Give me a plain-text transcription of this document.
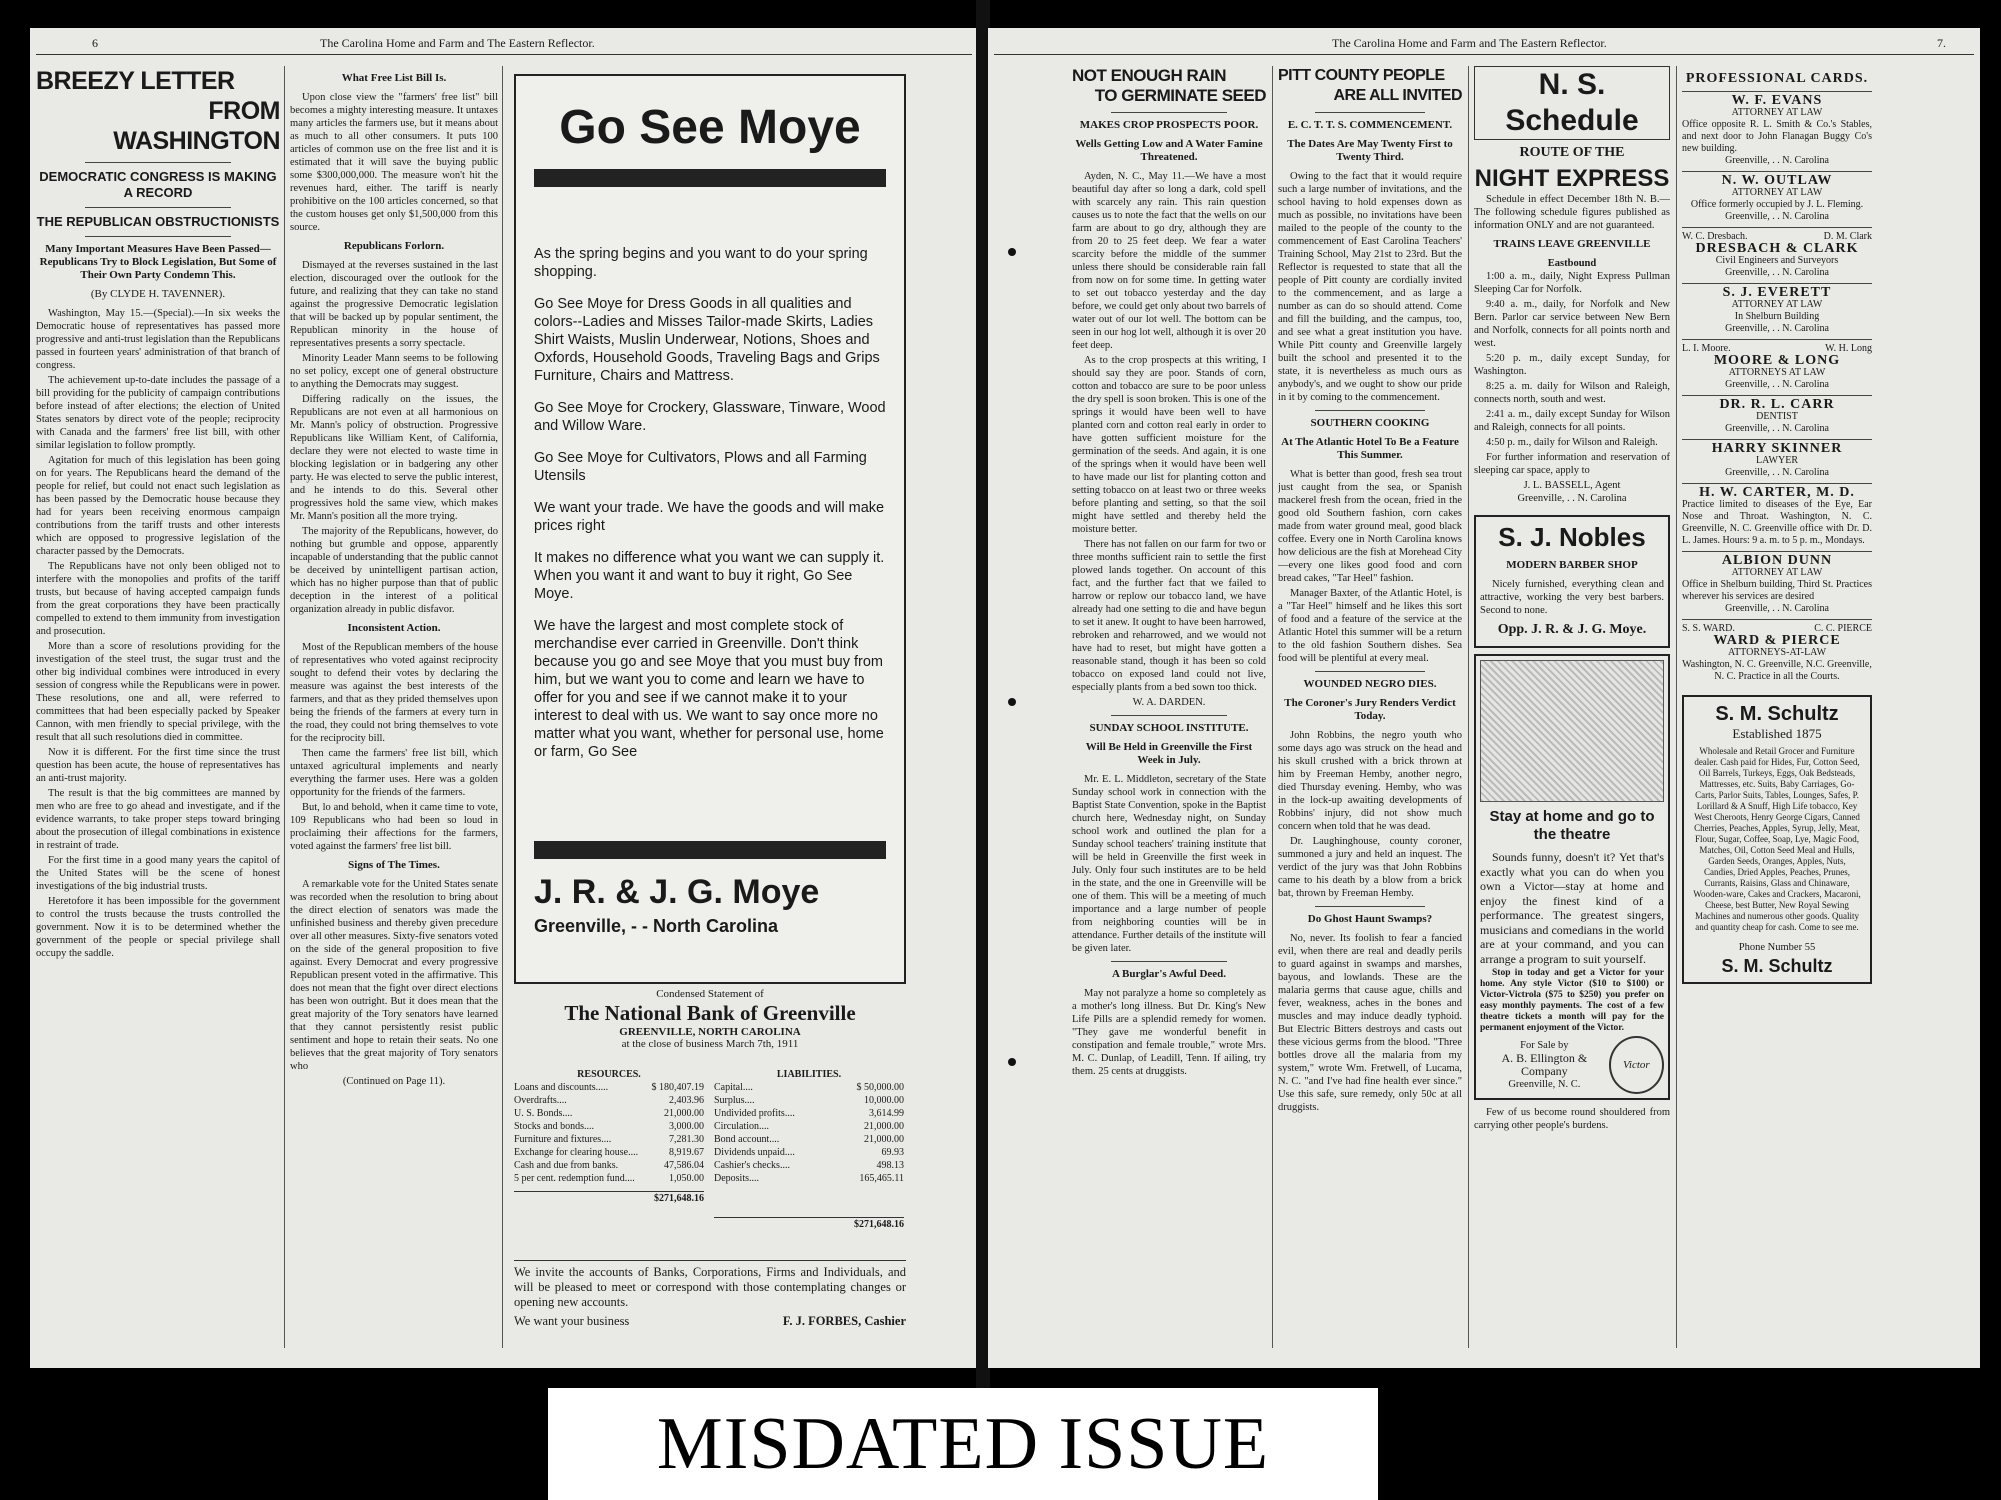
6	The Carolina Home and Farm and The Eastern Reflector.
BREEZY LETTER
FROM WASHINGTON
DEMOCRATIC CONGRESS IS MAKING A RECORD
THE REPUBLICAN OBSTRUCTIONISTS
Many Important Measures Have Been Passed—Republicans Try to Block Legislation, But Some of Their Own Party Condemn This.
(By CLYDE H. TAVENNER).

Washington, May 15.—(Special).—In six weeks the Democratic house of representatives has passed more progressive and anti-trust legislation than the Republicans passed in fourteen years' administration of that branch of congress.

The achievement up-to-date includes the passage of a bill providing for the publicity of campaign contributions before instead of after elections; the election of United States senators by direct vote of the people; reciprocity with Canada and the farmers' free list bill, with other similar legislation to follow promptly.

Agitation for much of this legislation has been going on for years. The Republicans heard the demand of the people for relief, but could not enact such legislation as has been passed by the Democratic house because they had for years been receiving enormous campaign contributions from the tariff trusts and other interests which are opposed to progressive legislation of the character passed by the Democrats.

The Republicans have not only been obliged not to interfere with the monopolies and profits of the tariff trusts, but because of having accepted campaign funds from the great corporations they have been practically compelled to extend to them immunity from investigation and prosecution.

More than a score of resolutions providing for the investigation of the steel trust, the sugar trust and the other big individual combines were introduced in every session of congress while the Republicans were in power. These resolutions, one and all, were referred to committees that had been especially packed by Speaker Cannon, with men friendly to special privilege, with the result that all such resolutions died in committee.

Now it is different. For the first time since the trust question has been acute, the house of representatives has an anti-trust majority.

The result is that the big committees are manned by men who are free to go ahead and investigate, and if the evidence warrants, to take proper steps toward bringing about the prosecution of illegal combinations in existence in restraint of trade.

For the first time in a good many years the capitol of the United States will be the scene of honest investigations of the big industrial trusts.

Heretofore it has been impossible for the government to control the trusts because the trusts controlled the government. Now it is to be determined whether the government of the people or special privilege shall occupy the saddle.

What Free List Bill Is.

Upon close view the "farmers' free list" bill becomes a mighty interesting measure. It untaxes many articles the farmers use, but it means about as much to all other consumers. It puts 100 articles of common use on the free list and it is estimated that it will save the buying public some $300,000,000. The measure won't hit the revenues hard, either. The tariff is nearly prohibitive on the 100 articles concerned, so that the custom houses get only $1,500,000 from this source.

Republicans Forlorn.

Dismayed at the reverses sustained in the last election, discouraged over the outlook for the future, and realizing that they can take no stand against the progressive Democratic legislation that will be backed up by popular sentiment, the Republican minority in the house of representatives presents a sorry spectacle.

Minority Leader Mann seems to be following no set policy, except one of general obstructure to anything the Democrats may suggest.

Differing radically on the issues, the Republicans are not even at all harmonious on Mr. Mann's policy of obstruction. Progressive Republicans like William Kent, of California, declare they were not elected to waste time in blocking legislation or in badgering any other party. He was elected to serve the public interest, and he intends to do this. Several other progressives hold the same view, which makes Mr. Mann's position all the more trying.

The majority of the Republicans, however, do nothing but grumble and oppose, apparently incapable of understanding that the public cannot be deceived by unintelligent partisan action, which has no higher purpose than that of public deception in the interest of a political organization already in public disfavor.

Inconsistent Action.

Most of the Republican members of the house of representatives who voted against reciprocity sought to defend their votes by declaring the measure was against the best interests of the farmers, and that as they prided themselves upon being the friends of the farmers at every turn in the road, they could not bring themselves to vote for the reciprocity bill.

Then came the farmers' free list bill, which untaxed agricultural implements and nearly everything the farmer uses. Here was a golden opportunity for the friends of the farmers.

But, lo and behold, when it came time to vote, 109 Republicans who had been so loud in proclaiming their affections for the farmers, voted against the farmers' free list bill.

Signs of The Times.

A remarkable vote for the United States senate was recorded when the resolution to bring about the direct election of senators was made the unfinished business and thereby given precedure over all other measures. Sixty-five senators voted on the side of the general proposition to five against. Every Democrat and every progressive Republican present voted in the affirmative. This does not mean that the fight over direct elections has been won outright. But it does mean that the great majority of the Tory senators have learned that they cannot persistently resist public sentiment and hope to retain their seats. No one believes that the great majority of Tory senators who

(Continued on Page 11).
Go See Moye
As the spring begins and you want to do your spring shopping.
Go See Moye for Dress Goods in all qualities and colors--Ladies and Misses Tailor-made Skirts, Ladies Shirt Waists, Muslin Underwear, Notions, Shoes and Oxfords, Household Goods, Traveling Bags and Grips Furniture, Chairs and Mattress.
Go See Moye for Crockery, Glassware, Tinware, Wood and Willow Ware.
Go See Moye for Cultivators, Plows and all Farming Utensils
We want your trade. We have the goods and will make prices right
It makes no difference what you want we can supply it. When you want it and want to buy it right, Go See Moye.
We have the largest and most complete stock of merchandise ever carried in Greenville. Don't think because you go and see Moye that you must buy from him, but we want you to come and learn we have to offer for you and see if we cannot make it to your interest to deal with us. We want to say once more no matter what you want, whether for personal use, home or farm, Go See
J. R. & J. G. Moye
Greenville, - - North Carolina
Condensed Statement of
The National Bank of Greenville
GREENVILLE, NORTH CAROLINA
at the close of business March 7th, 1911
RESOURCES.
Loans and discounts.....	$ 180,407.19
Overdrafts....	2,403.96
U. S. Bonds....	21,000.00
Stocks and bonds....	3,000.00
Furniture and fixtures....	7,281.30
Exchange for clearing house....	8,919.67
Cash and due from banks.	47,586.04
5 per cent. redemption fund....	1,050.00
$271,648.16
LIABILITIES.
Capital....	$ 50,000.00
Surplus....	10,000.00
Undivided profits....	3,614.99
Circulation....	21,000.00
Bond account....	21,000.00
Dividends unpaid....	69.93
Cashier's checks....	498.13
Deposits....	165,465.11
$271,648.16
We invite the accounts of Banks, Corporations, Firms and Individuals, and will be pleased to meet or correspond with those contemplating changes or opening new accounts.
We want your business	F. J. FORBES, Cashier
The Carolina Home and Farm and The Eastern Reflector.	7.
NOT ENOUGH RAIN
TO GERMINATE SEED
MAKES CROP PROSPECTS POOR.
Wells Getting Low and A Water Famine Threatened.

Ayden, N. C., May 11.—We have a most beautiful day after so long a dark, cold spell with scarcely any rain. This rain question causes us to note the fact that the wells on our farm are about to go dry, although they are from 20 to 25 feet deep. We fear a water scarcity before the middle of the summer unless there should be considerable rain fall from now on for some time. In getting water to set out tobacco yesterday and the day before, we could get only about two barrels of water out of our lot well. The bottom can be seen in our hog lot well, although it is over 20 feet deep.

As to the crop prospects at this writing, I should say they are poor. Stands of corn, cotton and tobacco are sure to be poor unless the dry spell is soon broken. This is one of the springs it would have been well to have planted corn and cotton real early in order to have gotten sufficient moisture for the germination of the seeds. And again, it is one of the springs when it would have been well to have made our list for planting cotton and setting tobacco on at least two or three weeks before planting and setting, so that the soil might have settled and thereby held the moisture better.

There has not fallen on our farm for two or three months sufficient rain to settle the first plowed lands together. On account of this fact, and the further fact that we failed to harrow or replow our tobacco land, we have already had one setting to die and have begun to set it anew. It ought to have been harrowed, rebroken and reharrowed, and we would not have had to reset, but might have gotten a reasonable stand, though it has been so cold tobacco on exposed land could not live, especially plants from a bed sown too thick.

W. A. DARDEN.
SUNDAY SCHOOL INSTITUTE.
Will Be Held in Greenville the First Week in July.

Mr. E. L. Middleton, secretary of the State Sunday school work in connection with the Baptist State Convention, spoke in the Baptist church here, Wednesday night, on Sunday school work and outlined the plan for a Sunday school teachers' training institute that will be held in Greenville the first week in July. Only four such institutes are to be held in the state, and the one in Greenville will be one of them. This will be a meeting of much importance and a large number of people from neighboring counties will be in attendance. Further details of the institute will be given later.

A Burglar's Awful Deed.

May not paralyze a home so completely as a mother's long illness. But Dr. King's New Life Pills are a splendid remedy for women. "They gave me wonderful benefit in constipation and female trouble," wrote Mrs. M. C. Dunlap, of Leadill, Tenn. If ailing, try them. 25 cents at druggists.

PITT COUNTY PEOPLE
ARE ALL INVITED
E. C. T. T. S. COMMENCEMENT.
The Dates Are May Twenty First to Twenty Third.

Owing to the fact that it would require such a large number of invitations, and the school having to hold expenses down as much as possible, no invitations have been mailed to the people of the county to the commencement of East Carolina Teachers' Training School, May 21st to 23rd. But the Reflector is requested to state that all the people of Pitt county are cordially invited to the commencement, and as large a number as can do so should attend. Come and fill the building, and the campus, too, and see what a great institution you have. While Pitt county and Greenville largely built the school and presented it to the state, it is nevertheless as much ours as anybody's, and we ought to show our pride in it by coming to the commencement.

SOUTHERN COOKING
At The Atlantic Hotel To Be a Feature This Summer.

What is better than good, fresh sea trout just caught from the sea, or Spanish mackerel fresh from the ocean, fried in the good old Southern fashion, corn cakes made from water ground meal, good black coffee. Every one in North Carolina knows how delicious are the fish at Morehead City—every one likes good food and corn bread cakes, "Tar Heel" fashion.

Manager Baxter, of the Atlantic Hotel, is a "Tar Heel" himself and he likes this sort of food and a feature of the service at the Atlantic Hotel this summer will be a return to the old fashion Southern dishes. Sea food will be plentiful at every meal.

WOUNDED NEGRO DIES.
The Coroner's Jury Renders Verdict Today.

John Robbins, the negro youth who some days ago was struck on the head and his skull crushed with a brick thrown at him by Freeman Hemby, another negro, died Thursday evening. Hemby, who was in the lock-up awaiting developments of Robbins' injury, did not show much concern when told that he was dead.

Dr. Laughinghouse, county coroner, summoned a jury and held an inquest. The verdict of the jury was that John Robbins came to his death by a blow from a brick bat, thrown by Freeman Hemby.

Do Ghost Haunt Swamps?

No, never. Its foolish to fear a fancied evil, when there are real and deadly perils to guard against in swamps and marshes, bayous, and lowlands. These are the malaria germs that cause ague, chills and fever, weakness, aches in the bones and muscles and may induce deadly typhoid. But Electric Bitters destroys and casts out these vicious germs from the blood. "Three bottles drove all the malaria from my system," wrote Wm. Fretwell, of Lucama, N. C. "and I've had fine health ever since." Use this safe, sure remedy, only 50c at all druggists.

N. S. Schedule
ROUTE OF THE
NIGHT EXPRESS

Schedule in effect December 18th N. B.—The following schedule figures published as information ONLY and are not guaranteed.

TRAINS LEAVE GREENVILLE
Eastbound

1:00 a. m., daily, Night Express Pullman Sleeping Car for Norfolk.

9:40 a. m., daily, for Norfolk and New Bern. Parlor car service between New Bern and Norfolk, connects for all points north and west.

5:20 p. m., daily except Sunday, for Washington.

8:25 a. m. daily for Wilson and Raleigh, connects north, south and west.

2:41 a. m., daily except Sunday for Wilson and Raleigh, connects for all points.

4:50 p. m., daily for Wilson and Raleigh.

For further information and reservation of sleeping car space, apply to

J. L. BASSELL, Agent
Greenville, . . N. Carolina
S. J. Nobles
MODERN BARBER SHOP

Nicely furnished, everything clean and attractive, working the very best barbers. Second to none.

Opp. J. R. & J. G. Moye.
Stay at home and go to the theatre

Sounds funny, doesn't it? Yet that's exactly what you can do when you own a Victor—stay at home and enjoy the finest kind of a performance. The greatest singers, musicians and comedians in the world are at your command, and you can arrange a program to suit yourself.

Stop in today and get a Victor for your home. Any style Victor ($10 to $100) or Victor-Victrola ($75 to $250) you prefer on easy monthly payments. The cost of a few theatre tickets a month will pay for the permanent enjoyment of the Victor.

For Sale by
A. B. Ellington & Company
Greenville, N. C.
Victor

Few of us become round shouldered from carrying other people's burdens.

PROFESSIONAL CARDS.
W. F. EVANS
ATTORNEY AT LAW
Office opposite R. L. Smith & Co.'s Stables, and next door to John Flanagan Buggy Co's new building.
Greenville, . . N. Carolina
N. W. OUTLAW
ATTORNEY AT LAW
Office formerly occupied by J. L. Fleming.
Greenville, . . N. Carolina
W. C. Dresbach.	D. M. Clark
DRESBACH & CLARK
Civil Engineers and Surveyors
Greenville, . . N. Carolina
S. J. EVERETT
ATTORNEY AT LAW
In Shelburn Building
Greenville, . . N. Carolina
L. I. Moore.	W. H. Long
MOORE & LONG
ATTORNEYS AT LAW
Greenville, . . N. Carolina
DR. R. L. CARR
DENTIST
Greenville, . . N. Carolina
HARRY SKINNER
LAWYER
Greenville, . . N. Carolina
H. W. CARTER, M. D.
Practice limited to diseases of the Eye, Ear Nose and Throat. Washington, N. C. Greenville, N. C. Greenville office with Dr. D. L. James. Hours: 9 a. m. to 5 p. m., Mondays.
ALBION DUNN
ATTORNEY AT LAW
Office in Shelburn building, Third St. Practices wherever his services are desired
Greenville, . . N. Carolina
S. S. WARD.	C. C. PIERCE
WARD & PIERCE
ATTORNEYS-AT-LAW
Washington, N. C. Greenville, N.C. Greenville, N. C. Practice in all the Courts.
S. M. Schultz
Established 1875

Wholesale and Retail Grocer and Furniture dealer. Cash paid for Hides, Fur, Cotton Seed, Oil Barrels, Turkeys, Eggs, Oak Bedsteads, Mattresses, etc. Suits, Baby Carriages, Go-Carts, Parlor Suits, Tables, Lounges, Safes, P. Lorillard & A Snuff, High Life tobacco, Key West Cheroots, Henry George Cigars, Canned Cherries, Peaches, Apples, Syrup, Jelly, Meat, Flour, Sugar, Coffee, Soap, Lye, Magic Food, Matches, Oil, Cotton Seed Meal and Hulls, Garden Seeds, Oranges, Apples, Nuts, Candies, Dried Apples, Peaches, Prunes, Currants, Raisins, Glass and Chinaware, Wooden-ware, Cakes and Crackers, Macaroni, Cheese, best Butter, New Royal Sewing Machines and numerous other goods. Quality and quantity cheap for cash. Come to see me.

Phone Number 55
S. M. Schultz
MISDATED ISSUE
